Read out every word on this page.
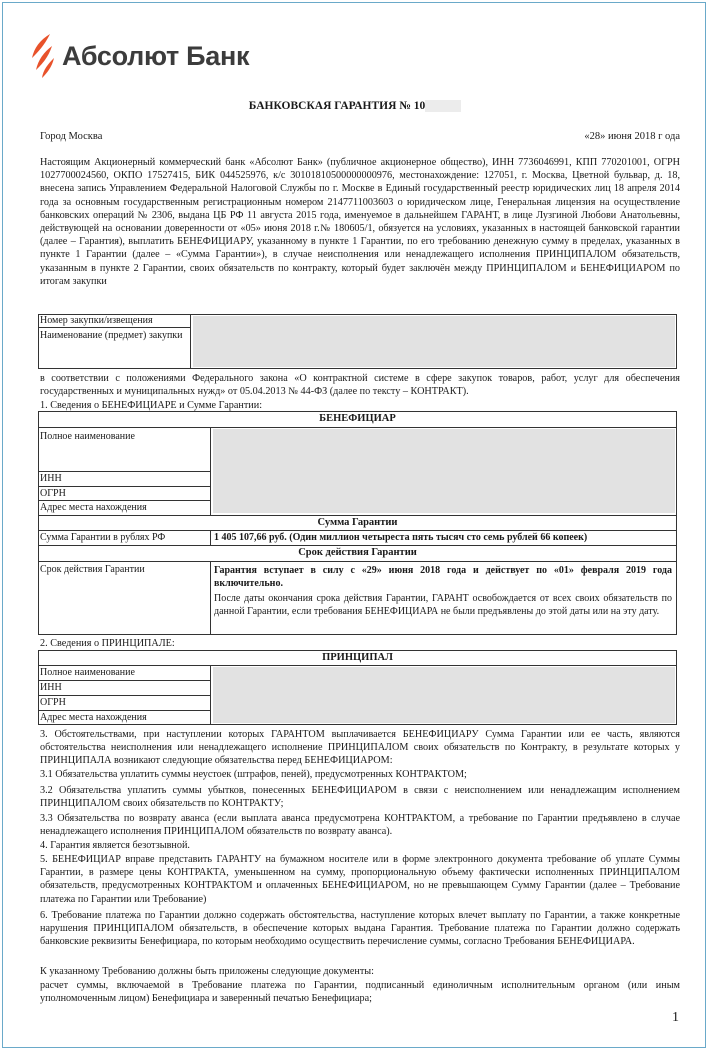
Абсолют Банк
БАНКОВСКАЯ ГАРАНТИЯ № 10
Город Москва	«28» июня 2018 г ода

Настоящим Акционерный коммерческий банк «Абсолют Банк» (публичное акционерное общество), ИНН 7736046991, КПП 770201001, ОГРН 1027700024560, ОКПО 17527415, БИК 044525976, к/с 30101810500000000976, местонахождение: 127051, г. Москва, Цветной бульвар, д. 18, внесена запись Управлением Федеральной Налоговой Службы по г. Москве в Единый государственный реестр юридических лиц 18 апреля 2014 года за основным государственным регистрационным номером 2147711003603 о юридическом лице, Генеральная лицензия на осуществление банковских операций № 2306, выдана ЦБ РФ 11 августа 2015 года, именуемое в дальнейшем ГАРАНТ, в лице Лузгиной Любови Анатольевны, действующей на основании доверенности от «05» июня 2018 г.№ 180605/1, обязуется на условиях, указанных в настоящей банковской гарантии (далее – Гарантия), выплатить БЕНЕФИЦИАРУ, указанному в пункте 1 Гарантии, по его требованию денежную сумму в пределах, указанных в пункте 1 Гарантии (далее – «Сумма Гарантии»), в случае неисполнения или ненадлежащего исполнения ПРИНЦИПАЛОМ обязательств, указанным в пункте 2 Гарантии, своих обязательств по контракту, который будет заключён между ПРИНЦИПАЛОМ и БЕНЕФИЦИАРОМ по итогам закупки

Номер закупки/извещения
Наименование (предмет) закупки

в соответствии с положениями Федерального закона «О контрактной системе в сфере закупок товаров, работ, услуг для обеспечения государственных и муниципальных нужд» от 05.04.2013 № 44-ФЗ (далее по тексту – КОНТРАКТ).

1. Сведения о БЕНЕФИЦИАРЕ и Сумме Гарантии:

БЕНЕФИЦИАР
Полное наименование
ИНН
ОГРН
Адрес места нахождения
Сумма Гарантии
Сумма Гарантии в рублях РФ	1 405 107,66 руб. (Один миллион четыреста пять тысяч сто семь рублей 66 копеек)
Срок действия Гарантии
Срок действия Гарантии	Гарантия вступает в силу с «29» июня 2018 года и действует по «01» февраля 2019 года включительно.
После даты окончания срока действия Гарантии, ГАРАНТ освобождается от всех своих обязательств по данной Гарантии, если требования БЕНЕФИЦИАРА не были предъявлены до этой даты или на эту дату.

2. Сведения о ПРИНЦИПАЛЕ:

ПРИНЦИПАЛ
Полное наименование
ИНН
ОГРН
Адрес места нахождения

3. Обстоятельствами, при наступлении которых ГАРАНТОМ выплачивается БЕНЕФИЦИАРУ Сумма Гарантии или ее часть, являются обстоятельства неисполнения или ненадлежащего исполнение ПРИНЦИПАЛОМ своих обязательств по Контракту, в результате которых у ПРИНЦИПАЛА возникают следующие обязательства перед БЕНЕФИЦИАРОМ:

3.1 Обязательства уплатить суммы неустоек (штрафов, пеней), предусмотренных КОНТРАКТОМ;

3.2 Обязательства уплатить суммы убытков, понесенных БЕНЕФИЦИАРОМ в связи с неисполнением или ненадлежащим исполнением ПРИНЦИПАЛОМ своих обязательств по КОНТРАКТУ;

3.3 Обязательства по возврату аванса (если выплата аванса предусмотрена КОНТРАКТОМ, а требование по Гарантии предъявлено в случае ненадлежащего исполнения ПРИНЦИПАЛОМ обязательств по возврату аванса).

4. Гарантия является безотзывной.

5. БЕНЕФИЦИАР вправе представить ГАРАНТУ на бумажном носителе или в форме электронного документа требование об уплате Суммы Гарантии, в размере цены КОНТРАКТА, уменьшенном на сумму, пропорциональную объему фактически исполненных ПРИНЦИПАЛОМ обязательств, предусмотренных КОНТРАКТОМ и оплаченных БЕНЕФИЦИАРОМ, но не превышающем Сумму Гарантии (далее – Требование платежа по Гарантии или Требование)

6. Требование платежа по Гарантии должно содержать обстоятельства, наступление которых влечет выплату по Гарантии, а также конкретные нарушения ПРИНЦИПАЛОМ обязательств, в обеспечение которых выдана Гарантия. Требование платежа по Гарантии должно содержать банковские реквизиты Бенефициара, по которым необходимо осуществить перечисление суммы, согласно Требования БЕНЕФИЦИАРА.

К указанному Требованию должны быть приложены следующие документы:

расчет суммы, включаемой в Требование платежа по Гарантии, подписанный единоличным исполнительным органом (или иным уполномоченным лицом) Бенефициара и заверенный печатью Бенефициара;

1
